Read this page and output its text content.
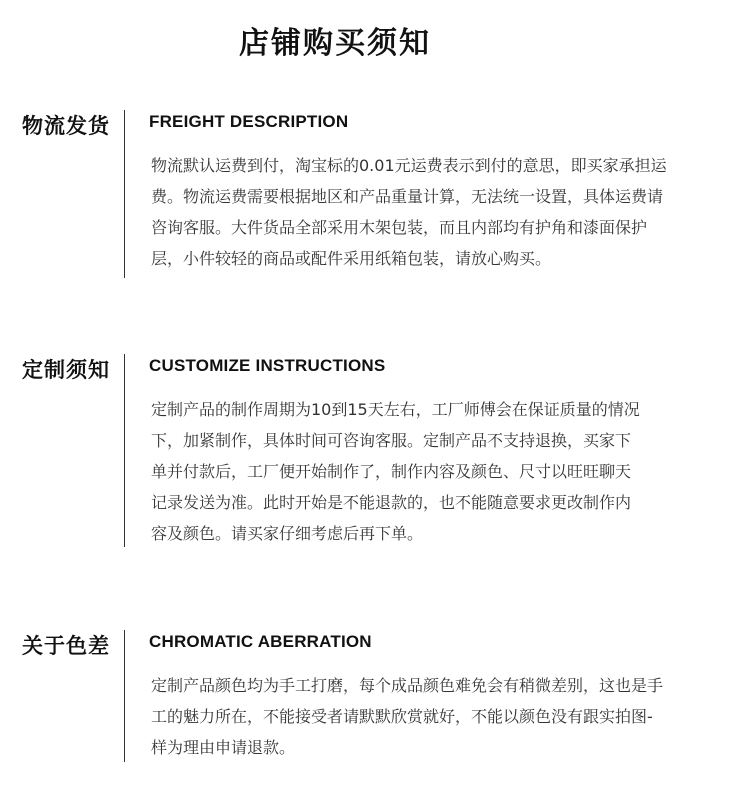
店铺购买须知
物流发货 FREIGHT DESCRIPTION
物流默认运费到付，淘宝标的0.01元运费表示到付的意思，即买家承担运
费。物流运费需要根据地区和产品重量计算，无法统一设置，具体运费请
咨询客服。大件货品全部采用木架包装，而且内部均有护角和漆面保护
层，小件较轻的商品或配件采用纸箱包装，请放心购买。
定制须知 CUSTOMIZE INSTRUCTIONS
定制产品的制作周期为10到15天左右，工厂师傅会在保证质量的情况
下，加紧制作，具体时间可咨询客服。定制产品不支持退换，买家下
单并付款后，工厂便开始制作了，制作内容及颜色、尺寸以旺旺聊天
记录发送为准。此时开始是不能退款的，也不能随意要求更改制作内
容及颜色。请买家仔细考虑后再下单。
关于色差 CHROMATIC ABERRATION
定制产品颜色均为手工打磨，每个成品颜色难免会有稍微差别，这也是手
工的魅力所在，不能接受者请默默欣赏就好，不能以颜色没有跟实拍图-
样为理由申请退款。
